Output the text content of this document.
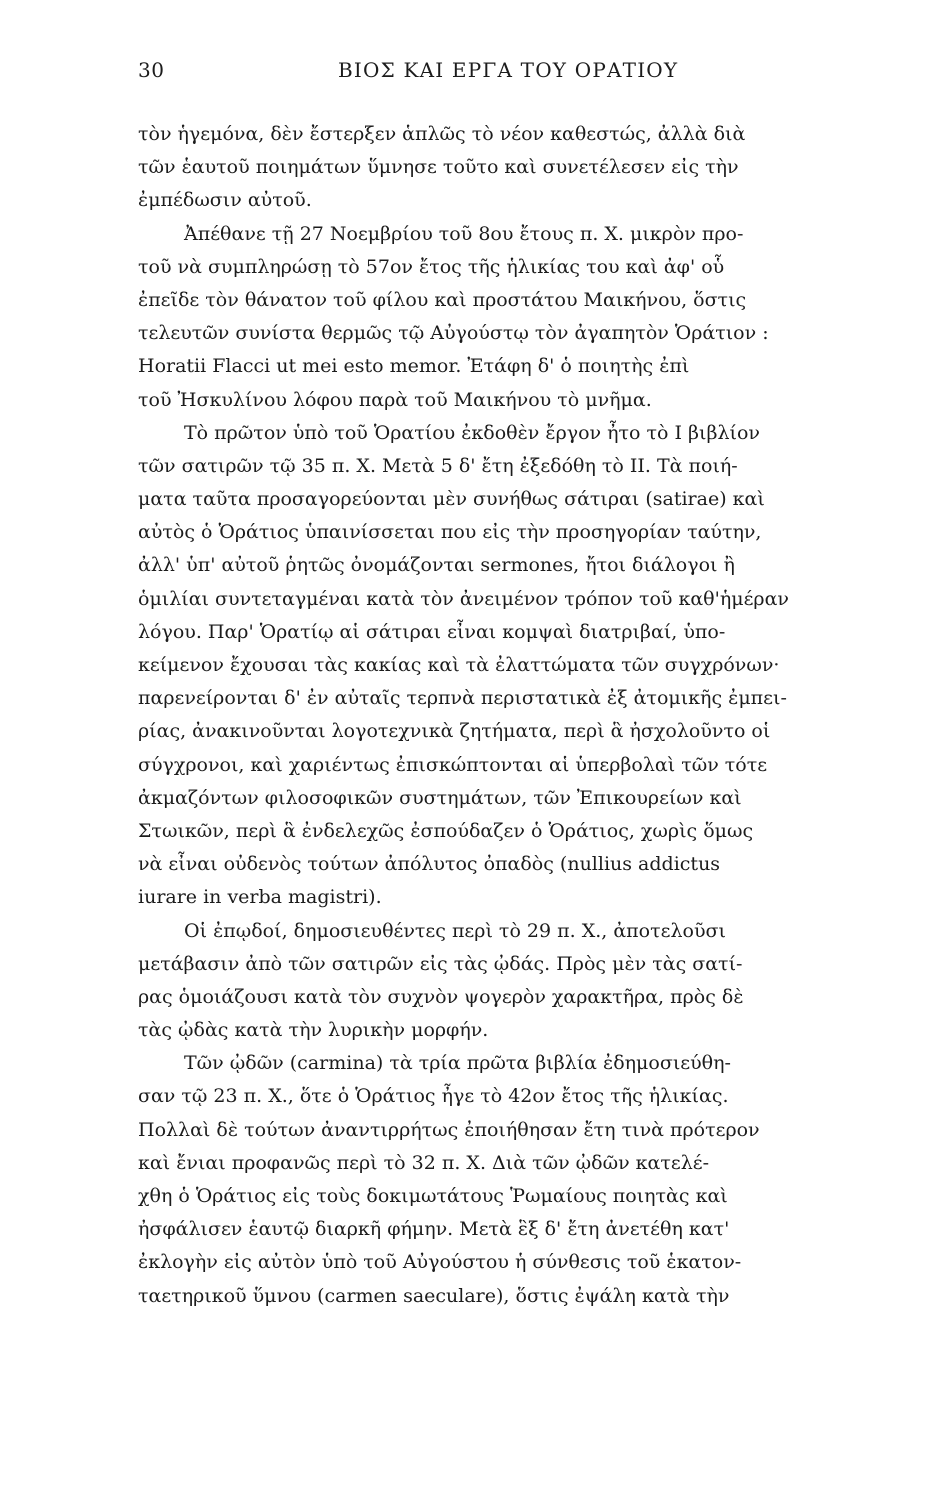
30	ΒΙΟΣ ΚΑΙ ΕΡΓΑ ΤΟΥ ΟΡΑΤΙΟΥ
τὸν ἡγεμόνα, δὲν ἔστερξεν ἁπλῶς τὸ νέον καθεστώς, ἀλλὰ διὰ
τῶν ἑαυτοῦ ποιημάτων ὕμνησε τοῦτο καὶ συνετέλεσεν εἰς τὴν
ἐμπέδωσιν αὐτοῦ.
Ἀπέθανε τῇ 27 Νοεμβρίου τοῦ 8ου ἔτους π. Χ. μικρὸν προ-
τοῦ νὰ συμπληρώσῃ τὸ 57ον ἔτος τῆς ἡλικίας του καὶ ἀφ' οὗ
ἐπεῖδε τὸν θάνατον τοῦ φίλου καὶ προστάτου Μαικήνου, ὅστις
τελευτῶν συνίστα θερμῶς τῷ Αὐγούστῳ τὸν ἀγαπητὸν Ὁράτιον :
Horatii Flacci ut mei esto memor. Ἐτάφη δ' ὁ ποιητὴς ἐπὶ
τοῦ Ἠσκυλίνου λόφου παρὰ τοῦ Μαικήνου τὸ μνῆμα.
Τὸ πρῶτον ὑπὸ τοῦ Ὁρατίου ἐκδοθὲν ἔργον ἦτο τὸ Ι βιβλίον
τῶν σατιρῶν τῷ 35 π. Χ. Μετὰ 5 δ' ἔτη ἐξεδόθη τὸ ΙΙ. Τὰ ποιή-
ματα ταῦτα προσαγορεύονται μὲν συνήθως σάτιραι (satirae) καὶ
αὐτὸς ὁ Ὁράτιος ὑπαινίσσεται που εἰς τὴν προσηγορίαν ταύτην,
ἀλλ' ὑπ' αὐτοῦ ῥητῶς ὀνομάζονται sermones, ἤτοι διάλογοι ἢ
ὁμιλίαι συντεταγμέναι κατὰ τὸν ἀνειμένον τρόπον τοῦ καθ'ἡμέραν
λόγου. Παρ' Ὁρατίῳ αἱ σάτιραι εἶναι κομψαὶ διατριβαί, ὑπο-
κείμενον ἔχουσαι τὰς κακίας καὶ τὰ ἐλαττώματα τῶν συγχρόνων·
παρενείρονται δ' ἐν αὐταῖς τερπνὰ περιστατικὰ ἐξ ἀτομικῆς ἐμπει-
ρίας, ἀνακινοῦνται λογοτεχνικὰ ζητήματα, περὶ ἃ ἠσχολοῦντο οἱ
σύγχρονοι, καὶ χαριέντως ἐπισκώπτονται αἱ ὑπερβολαὶ τῶν τότε
ἀκμαζόντων φιλοσοφικῶν συστημάτων, τῶν Ἐπικουρείων καὶ
Στωικῶν, περὶ ἃ ἐνδελεχῶς ἐσπούδαζεν ὁ Ὁράτιος, χωρὶς ὅμως
νὰ εἶναι οὐδενὸς τούτων ἀπόλυτος ὀπαδὸς (nullius addictus
iurare in verba magistri).
Οἱ ἐπῳδοί, δημοσιευθέντες περὶ τὸ 29 π. Χ., ἀποτελοῦσι
μετάβασιν ἀπὸ τῶν σατιρῶν εἰς τὰς ᾠδάς. Πρὸς μὲν τὰς σατί-
ρας ὁμοιάζουσι κατὰ τὸν συχνὸν ψογερὸν χαρακτῆρα, πρὸς δὲ
τὰς ᾠδὰς κατὰ τὴν λυρικὴν μορφήν.
Τῶν ᾠδῶν (carmina) τὰ τρία πρῶτα βιβλία ἐδημοσιεύθη-
σαν τῷ 23 π. Χ., ὅτε ὁ Ὁράτιος ἦγε τὸ 42ον ἔτος τῆς ἡλικίας.
Πολλαὶ δὲ τούτων ἀναντιρρήτως ἐποιήθησαν ἔτη τινὰ πρότερον
καὶ ἔνιαι προφανῶς περὶ τὸ 32 π. Χ. Διὰ τῶν ᾠδῶν κατελέ-
χθη ὁ Ὁράτιος εἰς τοὺς δοκιμωτάτους Ῥωμαίους ποιητὰς καὶ
ἠσφάλισεν ἑαυτῷ διαρκῆ φήμην. Μετὰ ἓξ δ' ἔτη ἀνετέθη κατ'
ἐκλογὴν εἰς αὐτὸν ὑπὸ τοῦ Αὐγούστου ἡ σύνθεσις τοῦ ἑκατον-
ταετηρικοῦ ὕμνου (carmen saeculare), ὅστις ἐψάλη κατὰ τὴν
